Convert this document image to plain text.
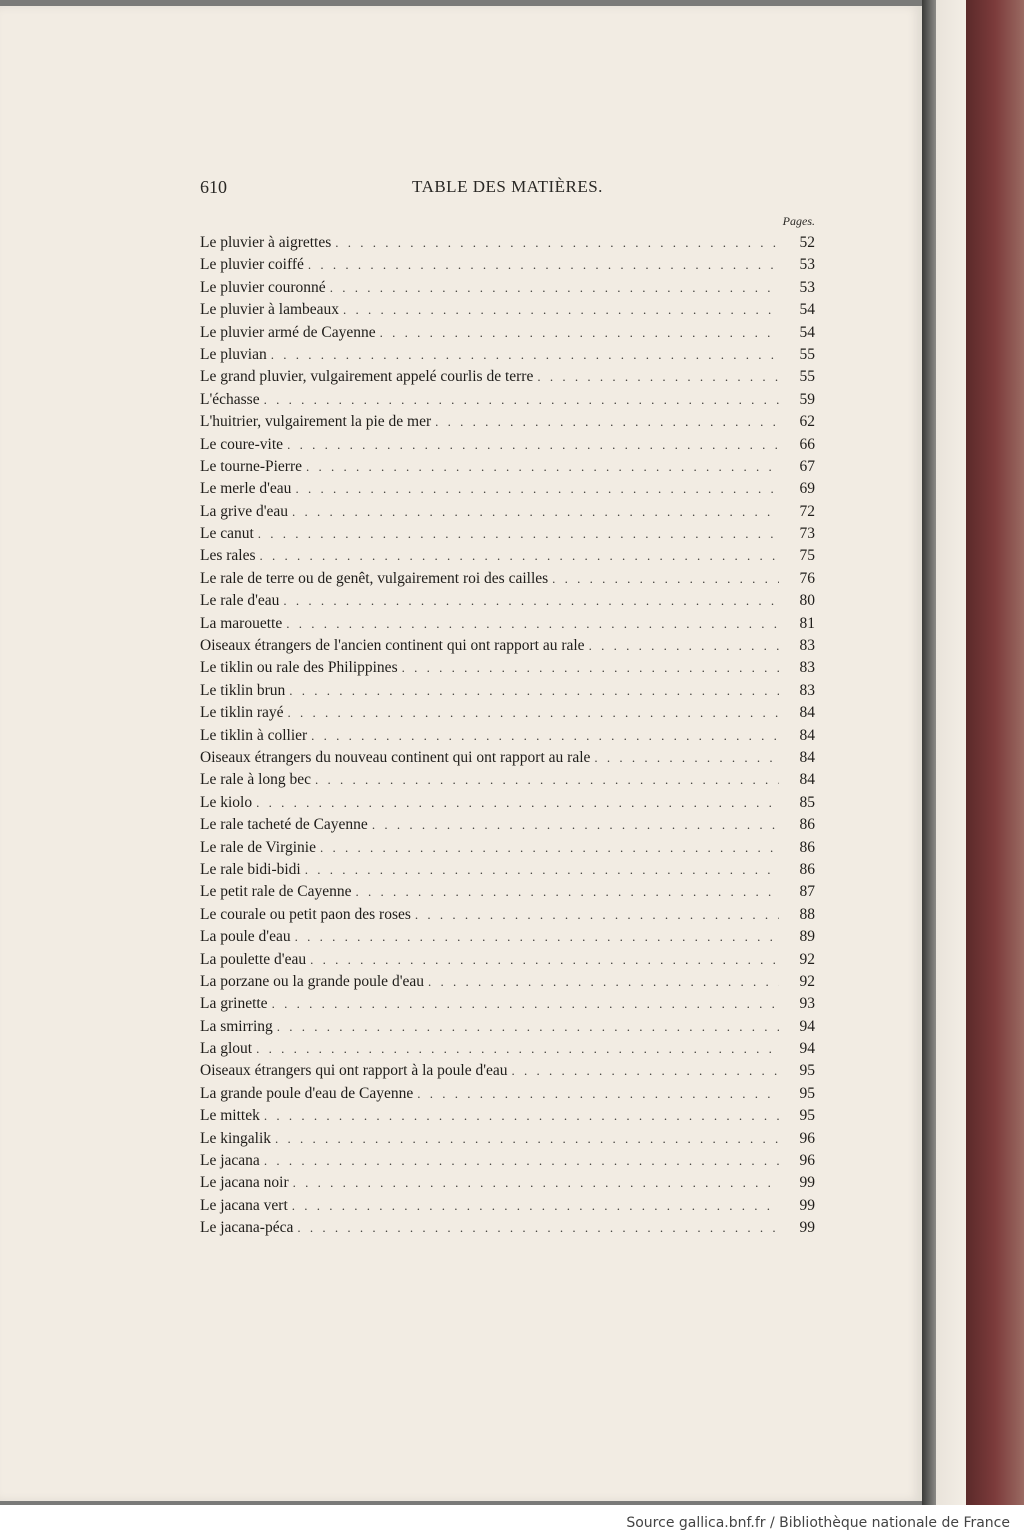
610	TABLE DES MATIÈRES.
Pages.
Le pluvier à aigrettes . . .	52
Le pluvier coiffé . . .	53
Le pluvier couronné . . .	53
Le pluvier à lambeaux . . .	54
Le pluvier armé de Cayenne . . .	54
Le pluvian . . .	55
Le grand pluvier, vulgairement appelé courlis de terre . . .	55
L'échasse . . .	59
L'huitrier, vulgairement la pie de mer . . .	62
Le coure-vite . . .	66
Le tourne-Pierre . . .	67
Le merle d'eau . . .	69
La grive d'eau . . .	72
Le canut . . .	73
Les rales . . .	75
Le rale de terre ou de genêt, vulgairement roi des cailles . . .	76
Le rale d'eau . . .	80
La marouette . . .	81
Oiseaux étrangers de l'ancien continent qui ont rapport au rale . . .	83
Le tiklin ou rale des Philippines . . .	83
Le tiklin brun . . .	83
Le tiklin rayé . . .	84
Le tiklin à collier . . .	84
Oiseaux étrangers du nouveau continent qui ont rapport au rale . . .	84
Le rale à long bec . . .	84
Le kiolo . . .	85
Le rale tacheté de Cayenne . . .	86
Le rale de Virginie . . .	86
Le rale bidi-bidi . . .	86
Le petit rale de Cayenne . . .	87
Le courale ou petit paon des roses . . .	88
La poule d'eau . . .	89
La poulette d'eau . . .	92
La porzane ou la grande poule d'eau . . .	92
La grinette . . .	93
La smirring . . .	94
La glout . . .	94
Oiseaux étrangers qui ont rapport à la poule d'eau . . .	95
La grande poule d'eau de Cayenne . . .	95
Le mittek . . .	95
Le kingalik . . .	96
Le jacana . . .	96
Le jacana noir . . .	99
Le jacana vert . . .	99
Le jacana-péca . . .	99
Source gallica.bnf.fr / Bibliothèque nationale de France
